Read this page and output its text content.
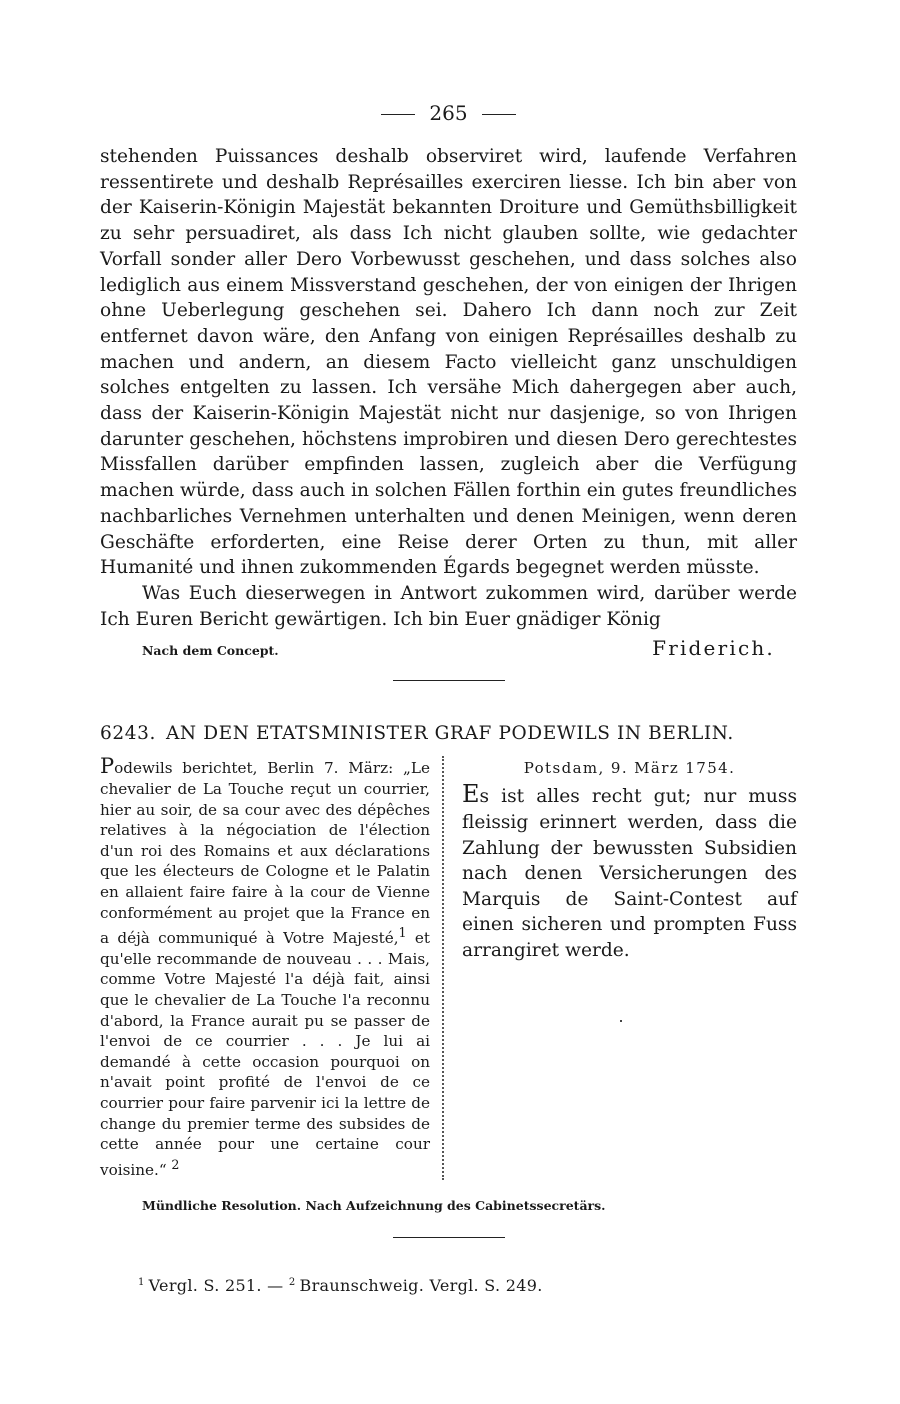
265

stehenden Puissances deshalb observiret wird, laufende Verfahren ressentirete und deshalb Représailles exerciren liesse. Ich bin aber von der Kaiserin-Königin Majestät bekannten Droiture und Gemüthsbilligkeit zu sehr persuadiret, als dass Ich nicht glauben sollte, wie gedachter Vorfall sonder aller Dero Vorbewusst geschehen, und dass solches also lediglich aus einem Missverstand geschehen, der von einigen der Ihrigen ohne Ueberlegung geschehen sei. Dahero Ich dann noch zur Zeit entfernet davon wäre, den Anfang von einigen Représailles deshalb zu machen und andern, an diesem Facto vielleicht ganz unschuldigen solches entgelten zu lassen. Ich versähe Mich dahergegen aber auch, dass der Kaiserin-Königin Majestät nicht nur dasjenige, so von Ihrigen darunter geschehen, höchstens improbiren und diesen Dero gerechtestes Missfallen darüber empfinden lassen, zugleich aber die Verfügung machen würde, dass auch in solchen Fällen forthin ein gutes freundliches nachbarliches Vernehmen unterhalten und denen Meinigen, wenn deren Geschäfte erforderten, eine Reise derer Orten zu thun, mit aller Humanité und ihnen zukommenden Égards begegnet werden müsste.

Was Euch dieserwegen in Antwort zukommen wird, darüber werde Ich Euren Bericht gewärtigen. Ich bin Euer gnädiger König

Nach dem Concept.	Friderich.
6243. AN DEN ETATSMINISTER GRAF PODEWILS IN BERLIN.

Podewils berichtet, Berlin 7. März: „Le chevalier de La Touche reçut un courrier, hier au soir, de sa cour avec des dépêches relatives à la négociation de l'élection d'un roi des Romains et aux déclarations que les électeurs de Cologne et le Palatin en allaient faire faire à la cour de Vienne conformément au projet que la France en a déjà communiqué à Votre Majesté,$^1$ et qu'elle recommande de nouveau . . . Mais, comme Votre Majesté l'a déjà fait, ainsi que le chevalier de La Touche l'a reconnu d'abord, la France aurait pu se passer de l'envoi de ce courrier . . . Je lui ai demandé à cette occasion pourquoi on n'avait point profité de l'envoi de ce courrier pour faire parvenir ici la lettre de change du premier terme des subsides de cette année pour une certaine cour voisine.“ $^2$

Potsdam, 9. März 1754.

Es ist alles recht gut; nur muss fleissig erinnert werden, dass die Zahlung der bewussten Subsidien nach denen Versicherungen des Marquis de Saint-Contest auf einen sicheren und prompten Fuss arrangiret werde.

Mündliche Resolution. Nach Aufzeichnung des Cabinetssecretärs.
$^1$ Vergl. S. 251. — $^2$ Braunschweig. Vergl. S. 249.
